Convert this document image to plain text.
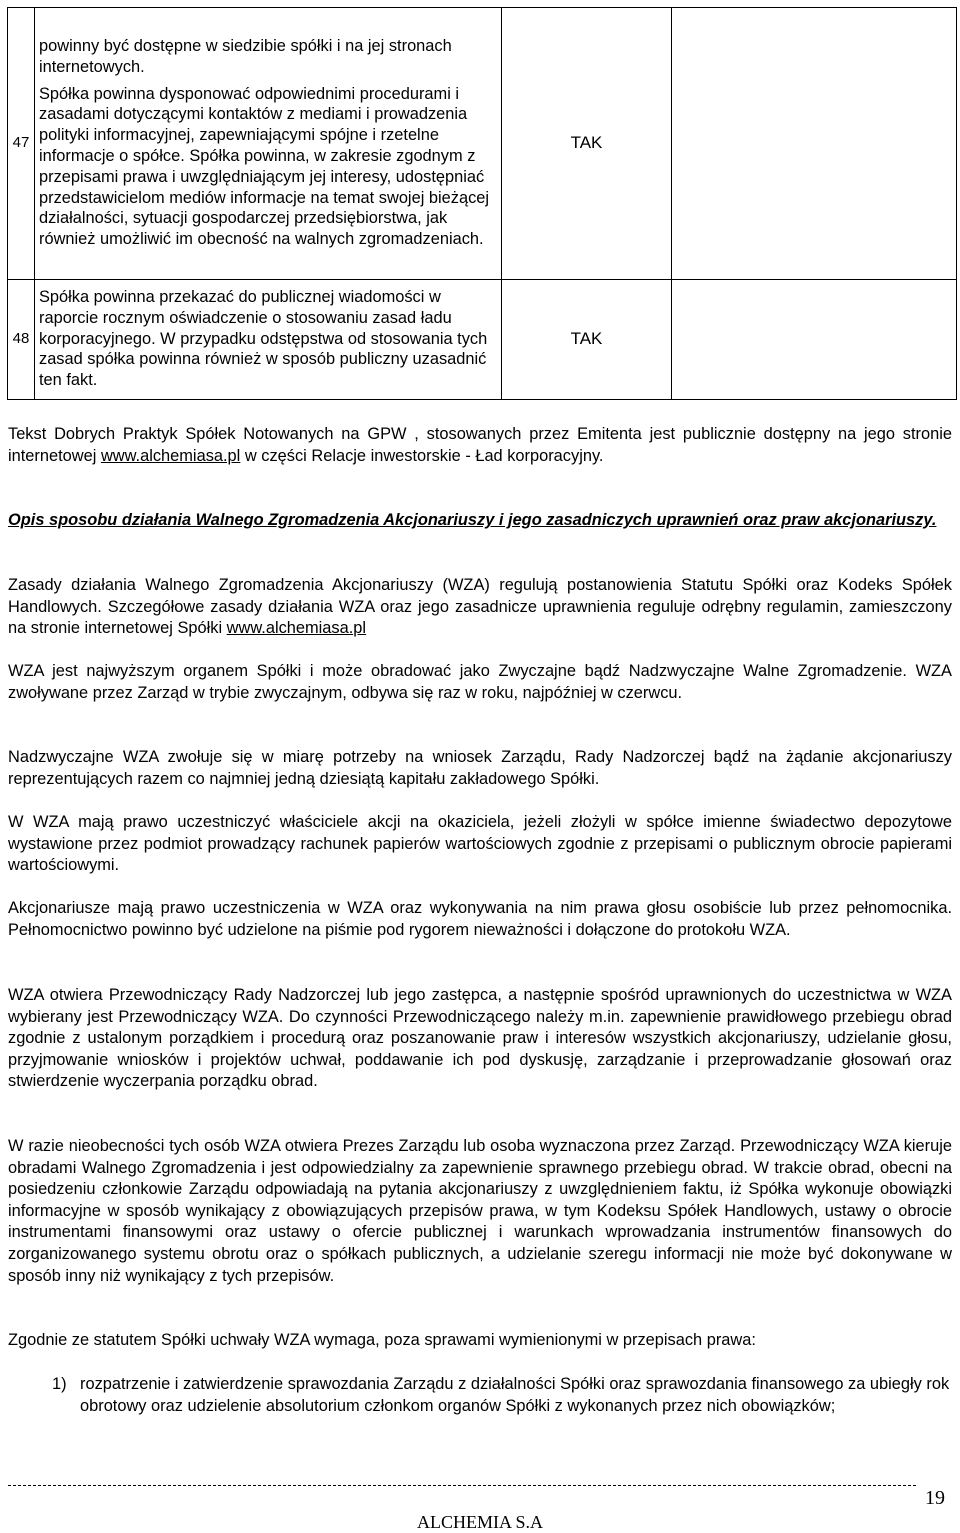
47	powinny być dostępne w siedzibie spółki i na jej stronach internetowych.

Spółka powinna dysponować odpowiednimi procedurami i zasadami dotyczącymi kontaktów z mediami i prowadzenia polityki informacyjnej, zapewniającymi spójne i rzetelne informacje o spółce. Spółka powinna, w zakresie zgodnym z przepisami prawa i uwzględniającym jej interesy, udostępniać przedstawicielom mediów informacje na temat swojej bieżącej działalności, sytuacji gospodarczej przedsiębiorstwa, jak również umożliwić im obecność na walnych zgromadzeniach.	TAK	
48	Spółka powinna przekazać do publicznej wiadomości w raporcie rocznym oświadczenie o stosowaniu zasad ładu korporacyjnego. W przypadku odstępstwa od stosowania tych zasad spółka powinna również w sposób publiczny uzasadnić ten fakt.	TAK	

Tekst Dobrych Praktyk Spółek Notowanych na GPW , stosowanych przez Emitenta jest publicznie dostępny na jego stronie internetowej www.alchemiasa.pl w części Relacje inwestorskie - Ład korporacyjny.

Opis sposobu działania Walnego Zgromadzenia Akcjonariuszy i jego zasadniczych uprawnień oraz praw akcjonariuszy.

Zasady działania Walnego Zgromadzenia Akcjonariuszy (WZA) regulują postanowienia Statutu Spółki oraz Kodeks Spółek Handlowych. Szczegółowe zasady działania WZA oraz jego zasadnicze uprawnienia reguluje odrębny regulamin, zamieszczony na stronie internetowej Spółki www.alchemiasa.pl

WZA jest najwyższym organem Spółki i może obradować jako Zwyczajne bądź Nadzwyczajne Walne Zgromadzenie. WZA zwoływane przez Zarząd w trybie zwyczajnym, odbywa się raz w roku, najpóźniej w czerwcu.

Nadzwyczajne WZA zwołuje się w miarę potrzeby na wniosek Zarządu, Rady Nadzorczej bądź na żądanie akcjonariuszy reprezentujących razem co najmniej jedną dziesiątą kapitału zakładowego Spółki.

W WZA mają prawo uczestniczyć właściciele akcji na okaziciela, jeżeli złożyli w spółce imienne świadectwo depozytowe wystawione przez podmiot prowadzący rachunek papierów wartościowych zgodnie z przepisami o publicznym obrocie papierami wartościowymi.

Akcjonariusze mają prawo uczestniczenia w WZA oraz wykonywania na nim prawa głosu osobiście lub przez pełnomocnika. Pełnomocnictwo powinno być udzielone na piśmie pod rygorem nieważności i dołączone do protokołu WZA.

WZA otwiera Przewodniczący Rady Nadzorczej lub jego zastępca, a następnie spośród uprawnionych do uczestnictwa w WZA wybierany jest Przewodniczący WZA. Do czynności Przewodniczącego należy m.in. zapewnienie prawidłowego przebiegu obrad zgodnie z ustalonym porządkiem i procedurą oraz poszanowanie praw i interesów wszystkich akcjonariuszy, udzielanie głosu, przyjmowanie wniosków i projektów uchwał, poddawanie ich pod dyskusję, zarządzanie i przeprowadzanie głosowań oraz stwierdzenie wyczerpania porządku obrad.

W razie nieobecności tych osób WZA otwiera Prezes Zarządu lub osoba wyznaczona przez Zarząd. Przewodniczący WZA kieruje obradami Walnego Zgromadzenia i jest odpowiedzialny za zapewnienie sprawnego przebiegu obrad. W trakcie obrad, obecni na posiedzeniu członkowie Zarządu odpowiadają na pytania akcjonariuszy z uwzględnieniem faktu, iż Spółka wykonuje obowiązki informacyjne w sposób wynikający z obowiązujących przepisów prawa, w tym Kodeksu Spółek Handlowych, ustawy o obrocie instrumentami finansowymi oraz ustawy o ofercie publicznej i warunkach wprowadzania instrumentów finansowych do zorganizowanego systemu obrotu oraz o spółkach publicznych, a udzielanie szeregu informacji nie może być dokonywane w sposób inny niż wynikający z tych przepisów.

Zgodnie ze statutem Spółki uchwały WZA wymaga, poza sprawami wymienionymi w przepisach prawa:

1) rozpatrzenie i zatwierdzenie sprawozdania Zarządu z działalności Spółki oraz sprawozdania finansowego za ubiegły rok obrotowy oraz udzielenie absolutorium członkom organów Spółki z wykonanych przez nich obowiązków;
19
ALCHEMIA S.A
